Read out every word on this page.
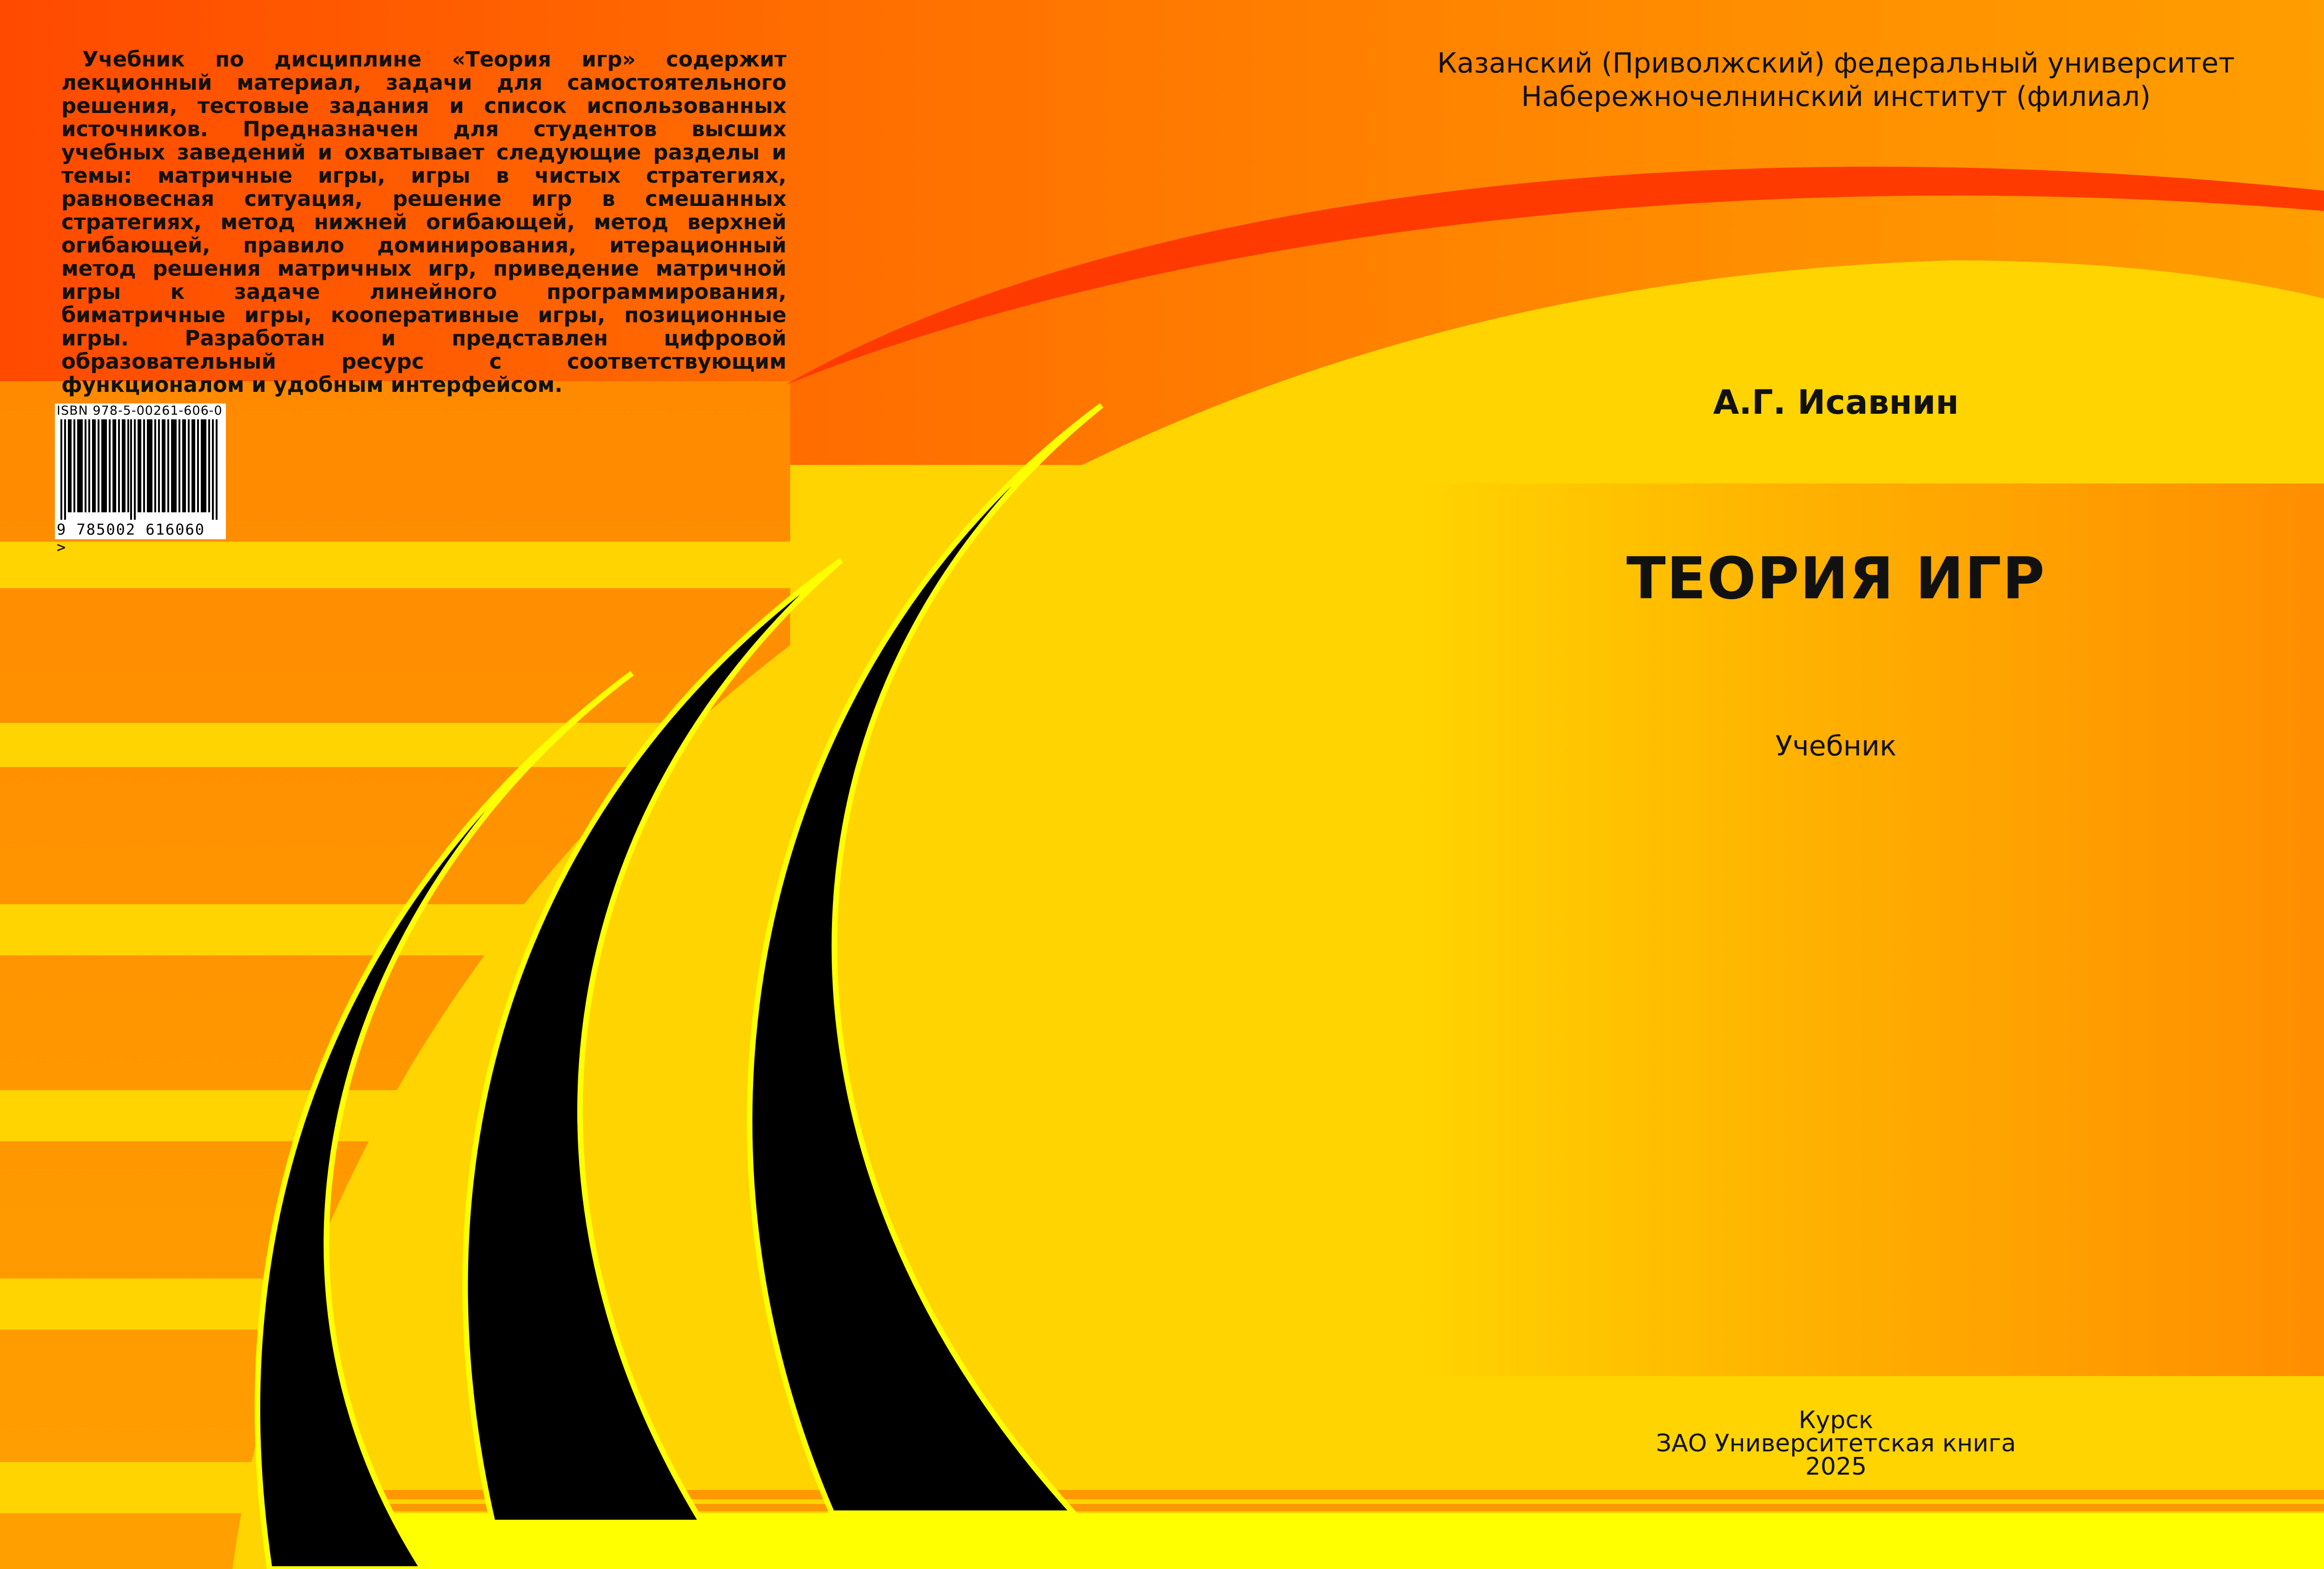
Учебник по дисциплине «Теория игр» содержит лекционный материал, задачи для самостоятельного решения, тестовые задания и список использованных источников. Предназначен для студентов высших учебных заведений и охватывает следующие разделы и темы: матричные игры, игры в чистых стратегиях, равновесная ситуация, решение игр в смешанных стратегиях, метод нижней огибающей, метод верхней огибающей, правило доминирования, итерационный метод решения матричных игр, приведение матричной игры к задаче линейного программирования, биматричные игры, кооперативные игры, позиционные игры. Разработан и представлен цифровой образовательный ресурс с соответствующим функционалом и удобным интерфейсом.

ISBN 978-5-00261-606-0
9 785002 616060 >
Казанский (Приволжский) федеральный университет
Набережночелнинский институт (филиал)
А.Г. Исавнин
ТЕОРИЯ ИГР
Учебник
Курск
ЗАО Университетская книга
2025
